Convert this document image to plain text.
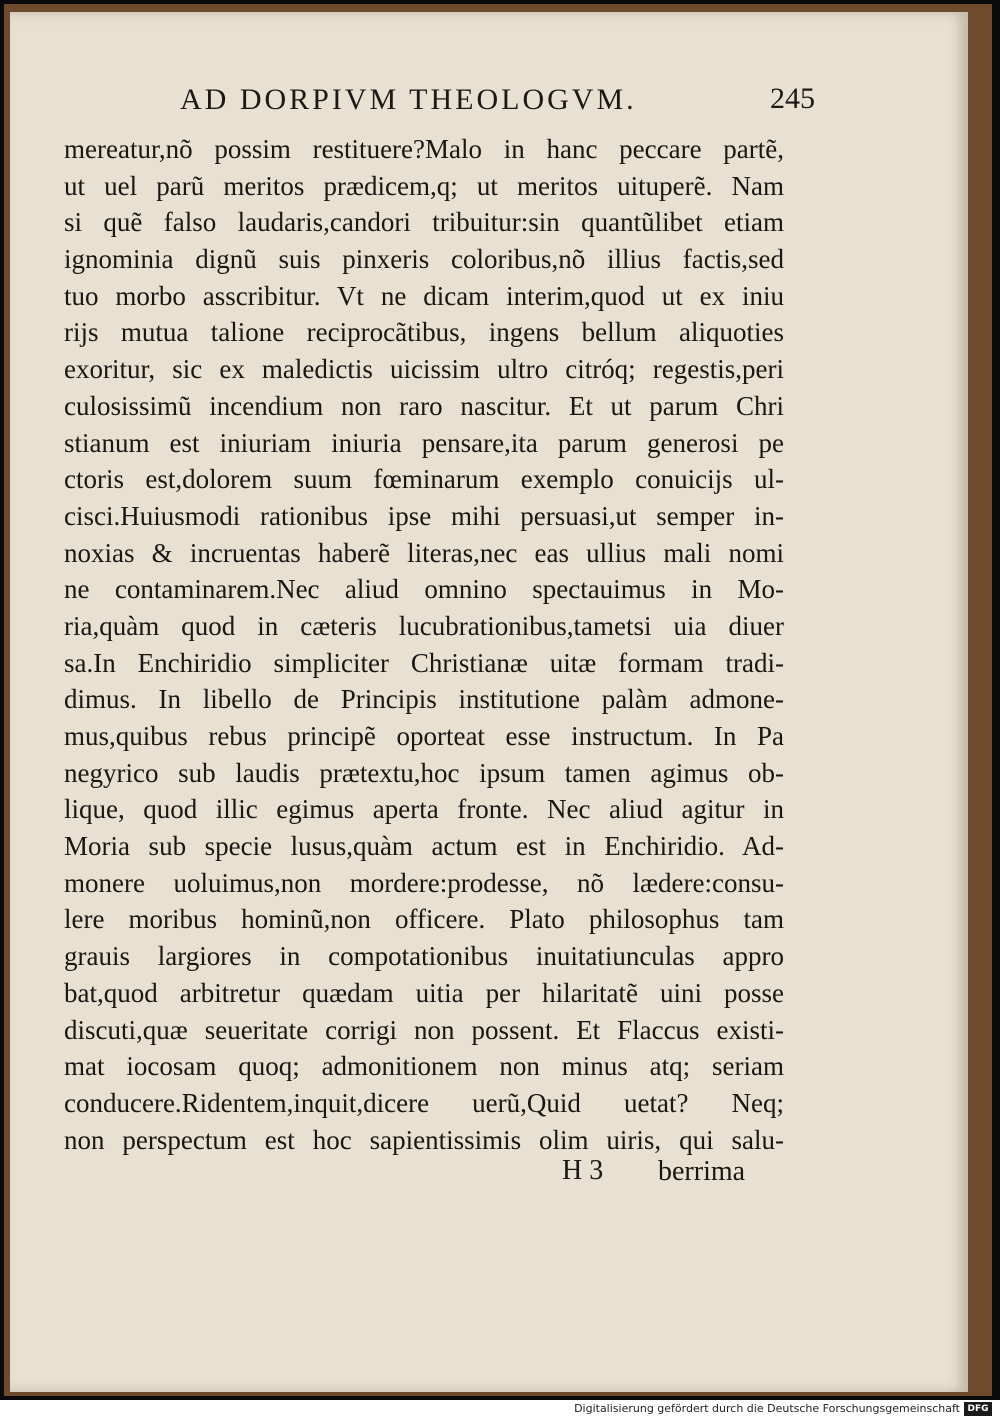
AD DORPIVM THEOLOGVM.	245
mereatur,nõ possim restituere?Malo in hanc peccare partẽ,
ut uel parũ meritos prædicem,q; ut meritos uituperẽ. Nam
si quẽ falso laudaris,candori tribuitur:sin quantũlibet etiam
ignominia dignũ suis pinxeris coloribus,nõ illius factis,sed
tuo morbo asscribitur. Vt ne dicam interim,quod ut ex iniu
rijs mutua talione reciprocãtibus, ingens bellum aliquoties
exoritur, sic ex maledictis uicissim ultro citróq; regestis,peri
culosissimũ incendium non raro nascitur. Et ut parum Chri
stianum est iniuriam iniuria pensare,ita parum generosi pe
ctoris est,dolorem suum fœminarum exemplo conuicijs ul-
cisci.Huiusmodi rationibus ipse mihi persuasi,ut semper in-
noxias & incruentas haberẽ literas,nec eas ullius mali nomi
ne contaminarem.Nec aliud omnino spectauimus in Mo-
ria,quàm quod in cæteris lucubrationibus,tametsi uia diuer
sa.In Enchiridio simpliciter Christianæ uitæ formam tradi-
dimus. In libello de Principis institutione palàm admone-
mus,quibus rebus principẽ oporteat esse instructum. In Pa
negyrico sub laudis prætextu,hoc ipsum tamen agimus ob-
lique, quod illic egimus aperta fronte. Nec aliud agitur in
Moria sub specie lusus,quàm actum est in Enchiridio. Ad-
monere uoluimus,non mordere:prodesse, nõ lædere:consu-
lere moribus hominũ,non officere. Plato philosophus tam
grauis largiores in compotationibus inuitatiunculas appro
bat,quod arbitretur quædam uitia per hilaritatẽ uini posse
discuti,quæ seueritate corrigi non possent. Et Flaccus existi-
mat iocosam quoq; admonitionem non minus atq; seriam
conducere.Ridentem,inquit,dicere uerũ,Quid uetat? Neq;
non perspectum est hoc sapientissimis olim uiris, qui salu-
H 3 berrima
Digitalisierung gefördert durch die Deutsche Forschungsgemeinschaft DFG
